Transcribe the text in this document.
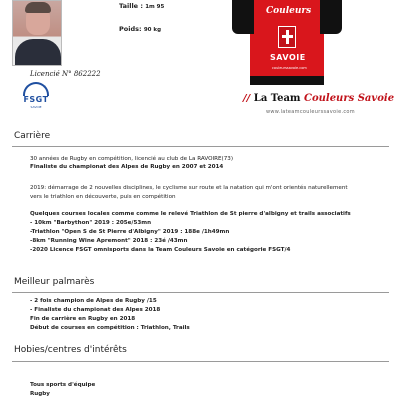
Licencié N° 862222
FSGT
SAVOIE
Taille : 1m 95
Poids: 90 kg
Couleurs
SAVOIE
couleurssavoie.com
// La Team Couleurs Savoie
www.lateamcouleurssavoie.com
Carrière
30 années de Rugby en compétition, licencié au club de La RAVOIRE(73)
Finaliste du championat des Alpes de Rugby en 2007 et 2014
2019: démarrage de 2 nouvelles disciplines, le cyclisme sur route et la natation qui m'ont orientés naturellement
vers le triathlon en découverte, puis en compétition
Quelques courses locales comme comme le relevé Triathlon de St pierre d'albigny et trails associatifs
- 10km "Barbython" 2019 : 205e/53mn
-Triathlon "Open S de St Pierre d'Albigny" 2019 : 188e /1h49mn
-8km "Running Wine Apremont" 2018 : 23é /43mn
-2020 Licence FSGT omnisports dans la Team Couleurs Savoie en catégorie FSGT/4
Meilleur palmarès
- 2 fois champion de Alpes de Rugby /15
- Finaliste du championat des Alpes 2018
Fin de carrière en Rugby en 2018
Début de courses en compétition : Triathlon, Trails
Hobies/centres d'intérêts
Tous sports d'équipe
Rugby
